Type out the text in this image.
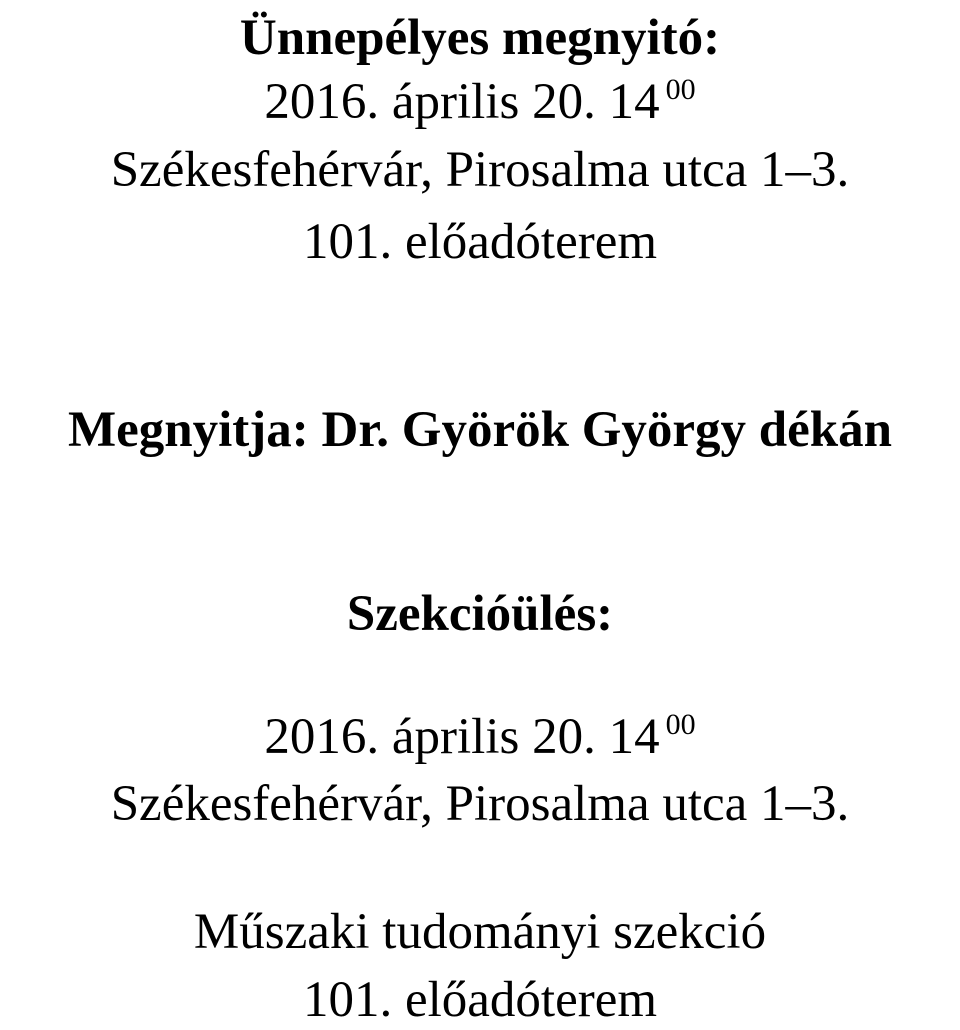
Ünnepélyes megnyitó:
2016. április 20. 14 $^{00}$
Székesfehérvár, Pirosalma utca 1–3.
101. előadóterem
Megnyitja: Dr. Györök György dékán
Szekcióülés:
2016. április 20. 14 $^{00}$
Székesfehérvár, Pirosalma utca 1–3.
Műszaki tudományi szekció
101. előadóterem
